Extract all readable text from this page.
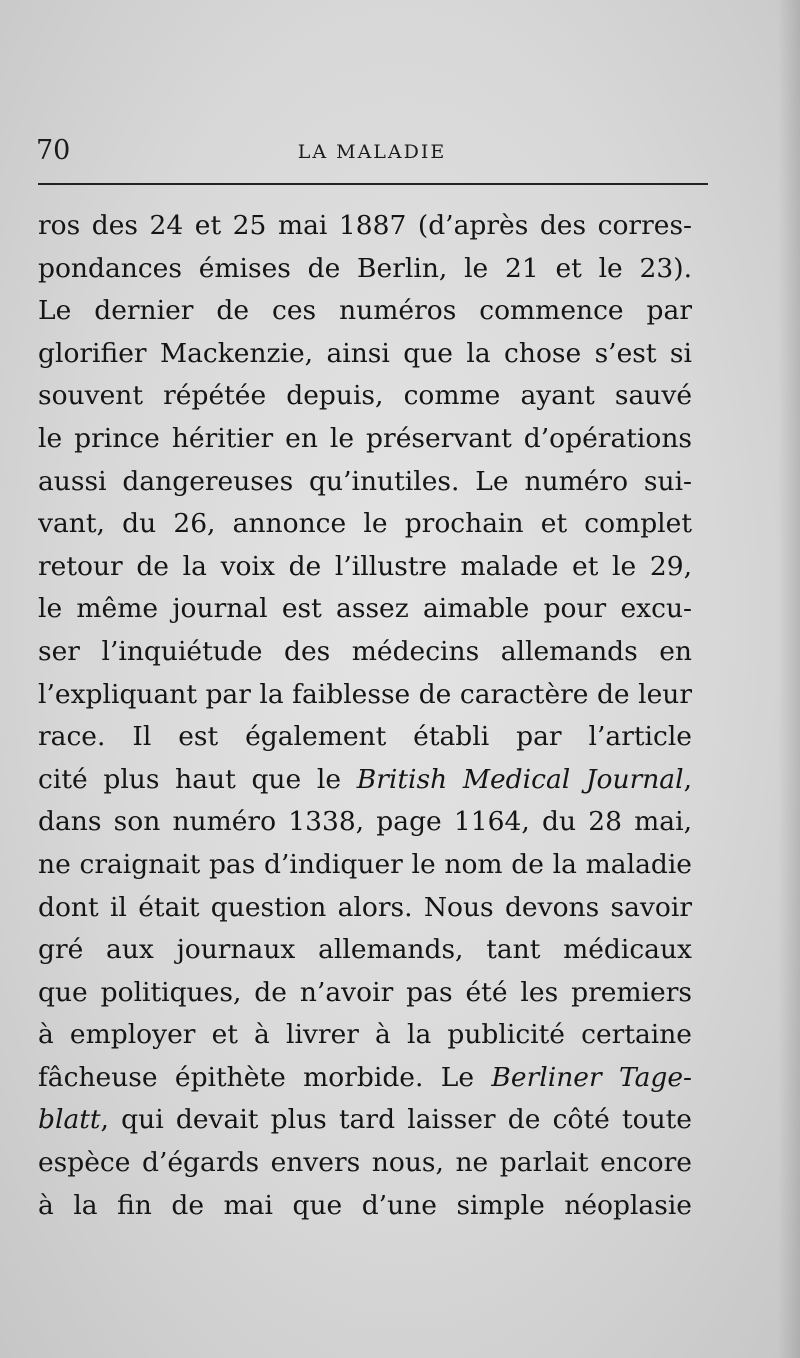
70	LA MALADIE
ros des 24 et 25 mai 1887 (d’après des corres-
pondances émises de Berlin, le 21 et le 23).
Le dernier de ces numéros commence par
glorifier Mackenzie, ainsi que la chose s’est si
souvent répétée depuis, comme ayant sauvé
le prince héritier en le préservant d’opérations
aussi dangereuses qu’inutiles. Le numéro sui-
vant, du 26, annonce le prochain et complet
retour de la voix de l’illustre malade et le 29,
le même journal est assez aimable pour excu-
ser l’inquiétude des médecins allemands en
l’expliquant par la faiblesse de caractère de leur
race. Il est également établi par l’article
cité plus haut que le British Medical Journal,
dans son numéro 1338, page 1164, du 28 mai,
ne craignait pas d’indiquer le nom de la maladie
dont il était question alors. Nous devons savoir
gré aux journaux allemands, tant médicaux
que politiques, de n’avoir pas été les premiers
à employer et à livrer à la publicité certaine
fâcheuse épithète morbide. Le Berliner Tage-
blatt, qui devait plus tard laisser de côté toute
espèce d’égards envers nous, ne parlait encore
à la fin de mai que d’une simple néoplasie
